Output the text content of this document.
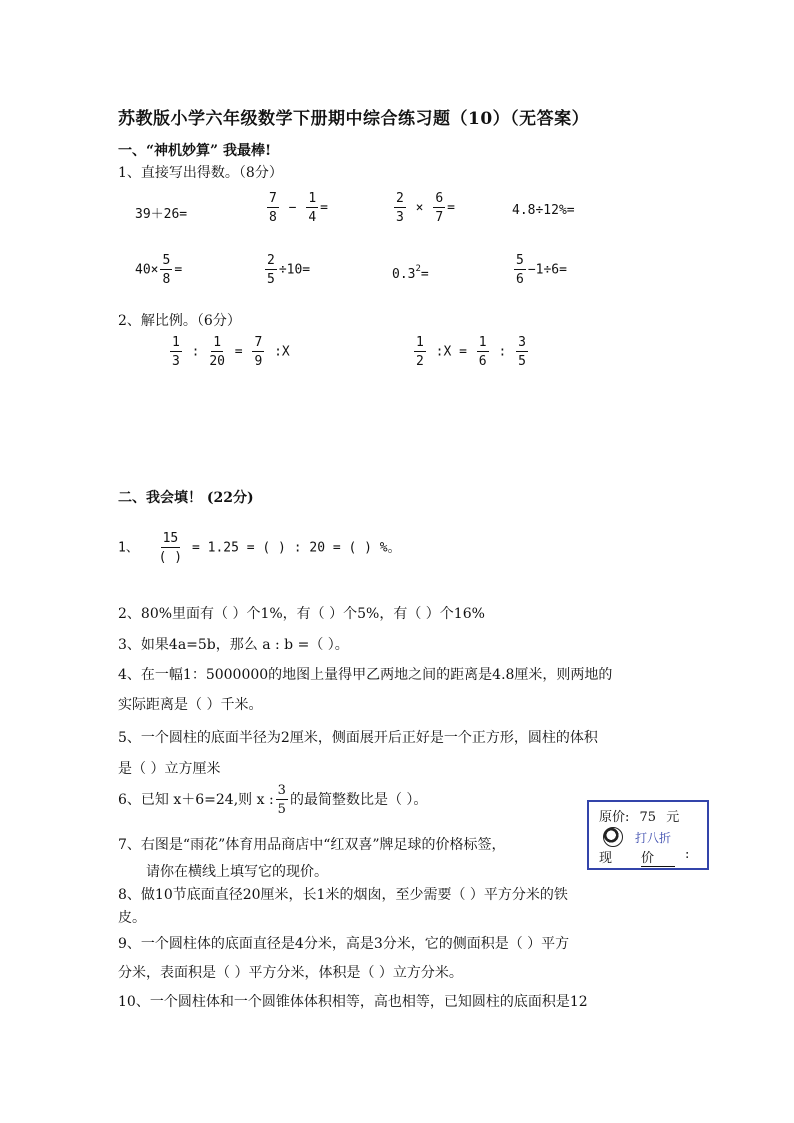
苏教版小学六年级数学下册期中综合练习题（10）（无答案）
一、“神机妙算” 我最棒!
1、直接写出得数。（8分）
39＋26=	$\frac{7}{8} - \frac{1}{4}$ =	$\frac{2}{3} \times \frac{6}{7}$ =	4.8÷12%=
$40\times \frac{5}{8}$ =	$\frac{2}{5} \div 10=$	$0.3^2=$	$\frac{5}{6} -1\div 6=$
2、解比例。（6分）
$\frac{1}{3}$ : $\frac{1}{20} = \frac{7}{9}$ :X	$\frac{1}{2}$ :X = $\frac{1}{6}$ : $\frac{3}{5}$
二、我会填！ (22分)
1、 $\frac{15}{( )} = 1.25$ = ( ) : 20 = ( ) %。
2、80%里面有（ ）个1%，有（ ）个5%，有（ ）个16%
3、如果4a=5b，那么 a : b =（ ）。
4、在一幅1：5000000的地图上量得甲乙两地之间的距离是4.8厘米，则两地的
实际距离是（ ）千米。
5、一个圆柱的底面半径为2厘米，侧面展开后正好是一个正方形，圆柱的体积
是（ ）立方厘米
6、已知 x＋6=24,则 x : $\frac{3}{5}$ 的最简整数比是（ ）。
7、右图是“雨花”体育用品商店中“红双喜”牌足球的价格标签，
请你在横线上填写它的现价。
原价: 75 元
打八折
现 价	:
8、做10节底面直径20厘米，长1米的烟囱，至少需要（ ）平方分米的铁
皮。
9、一个圆柱体的底面直径是4分米，高是3分米，它的侧面积是（ ）平方
分米，表面积是（ ）平方分米，体积是（ ）立方分米。
10、一个圆柱体和一个圆锥体体积相等，高也相等，已知圆柱的底面积是12
